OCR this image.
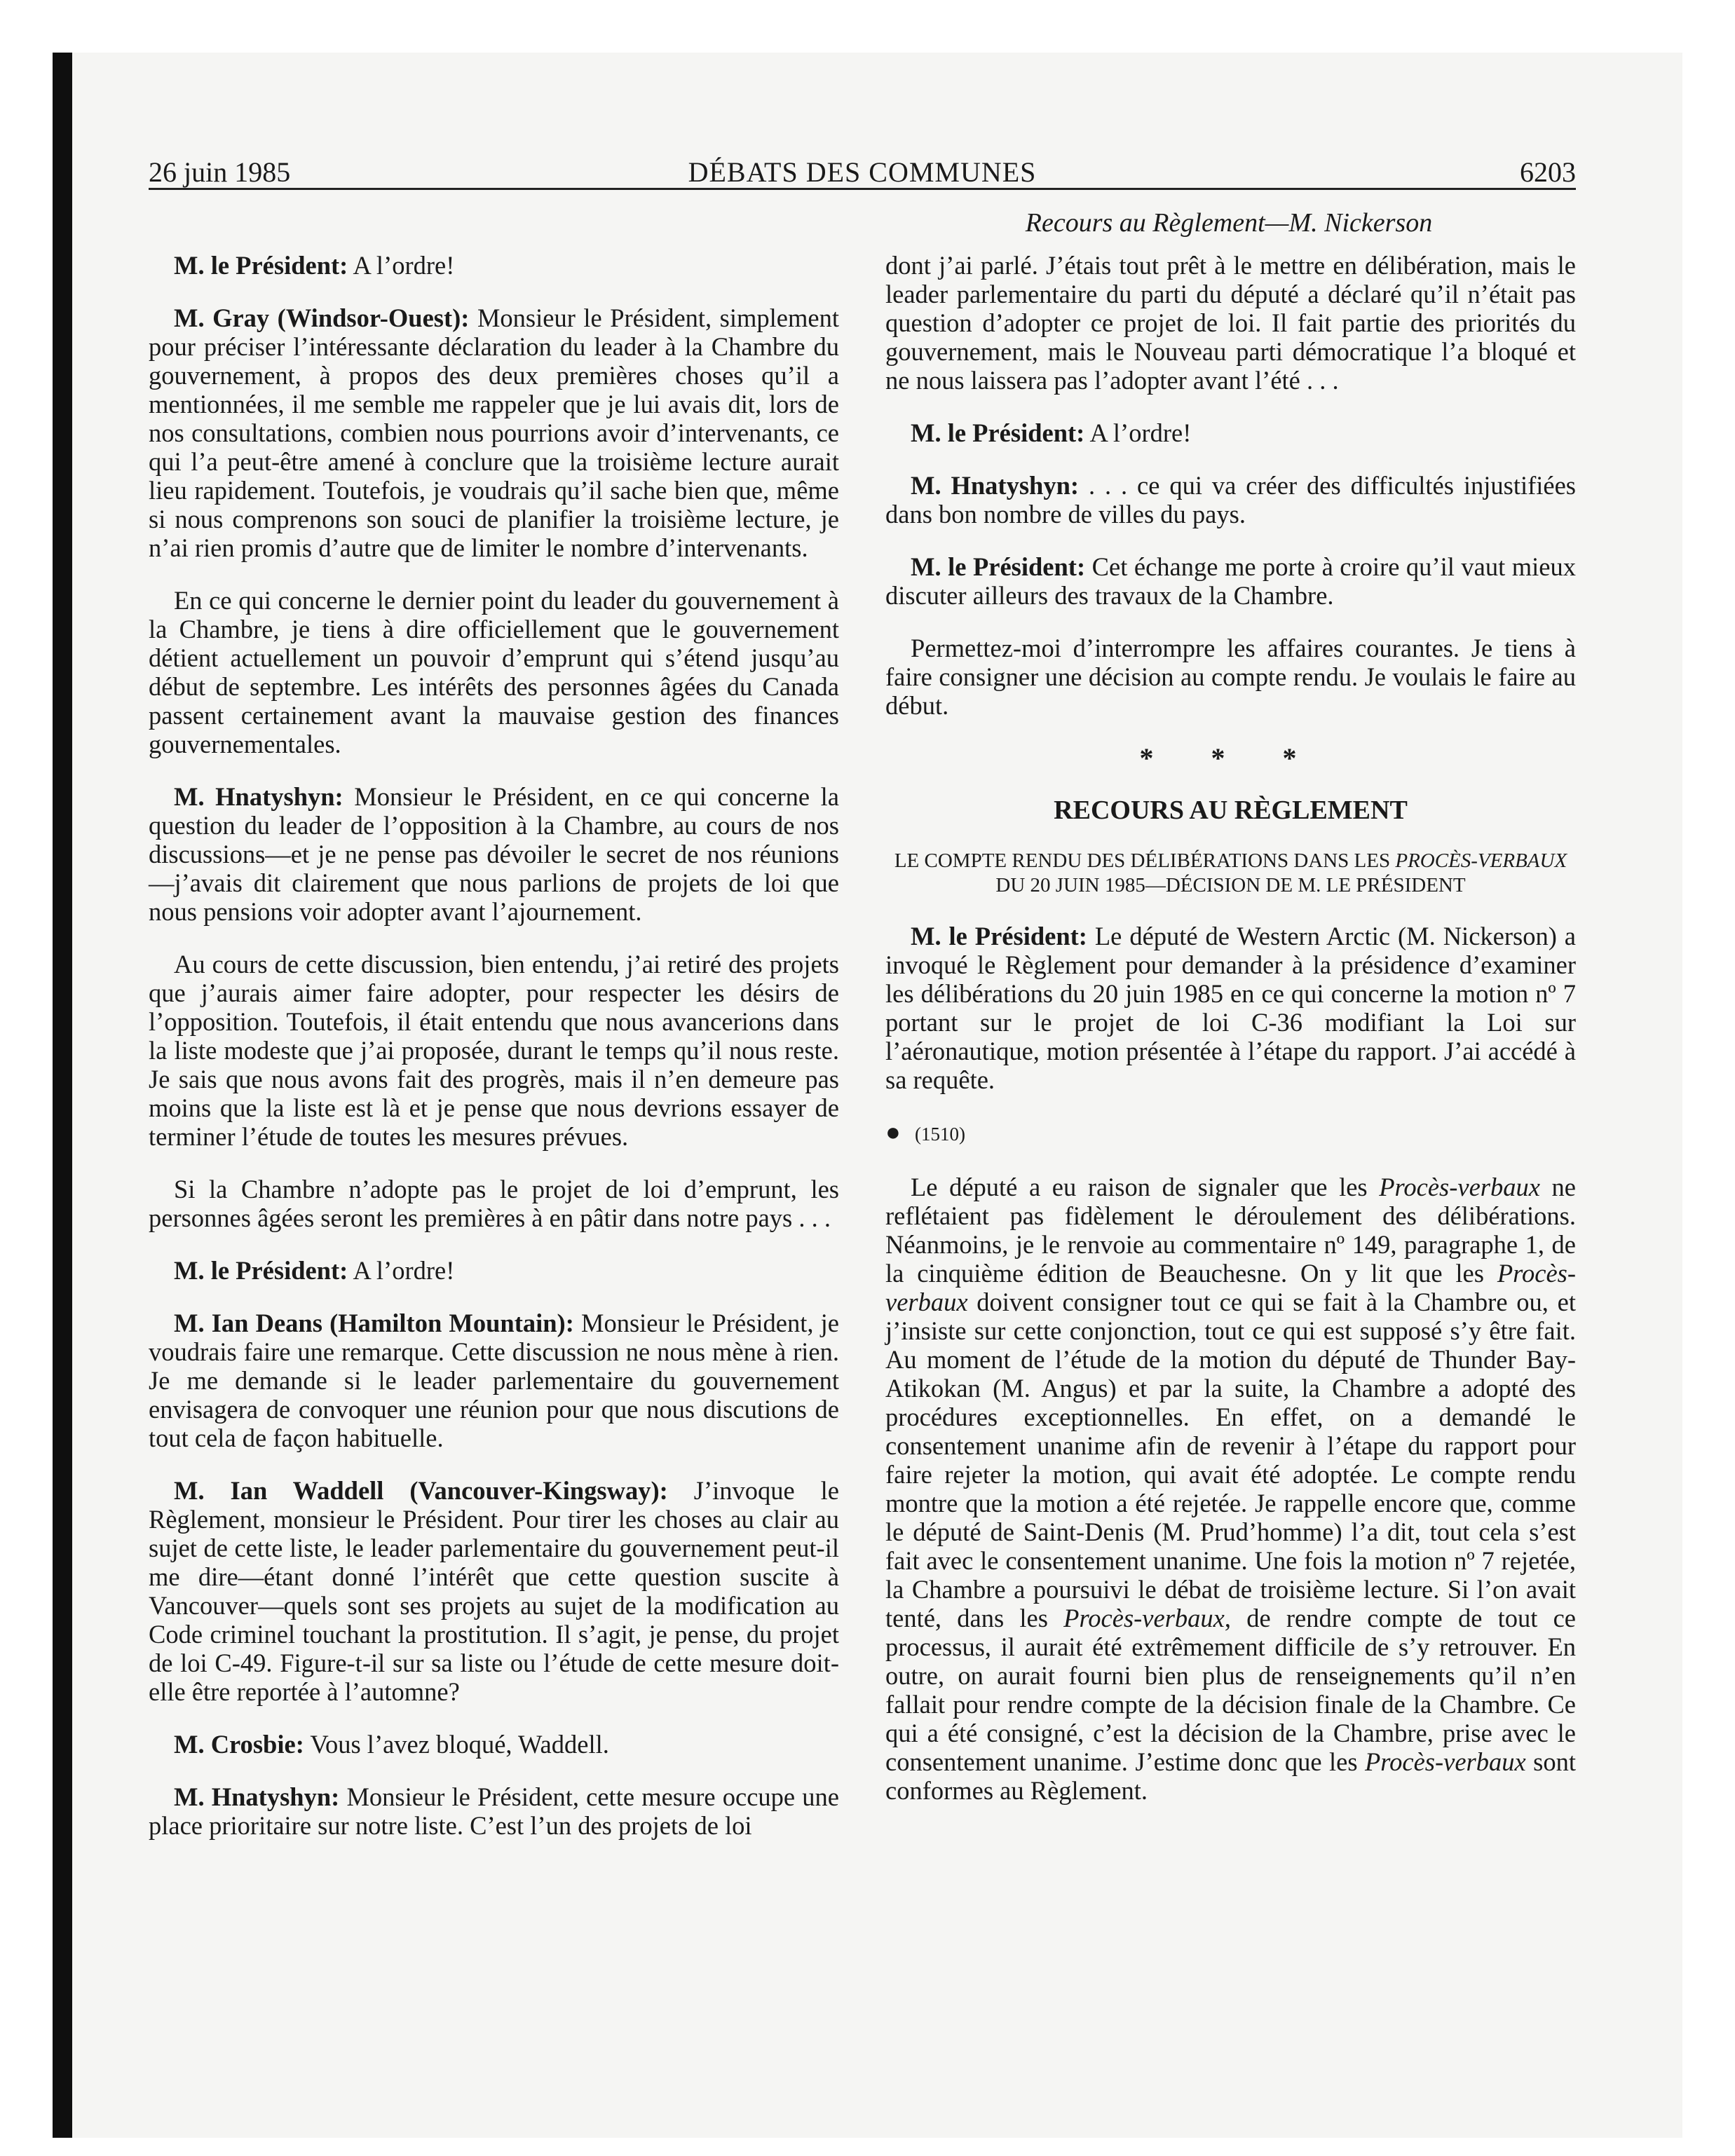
26 juin 1985	DÉBATS DES COMMUNES	6203
Recours au Règlement—M. Nickerson

M. le Président: A l’ordre!

M. Gray (Windsor-Ouest): Monsieur le Président, simplement pour préciser l’intéressante déclaration du leader à la Chambre du gouvernement, à propos des deux premières choses qu’il a mentionnées, il me semble me rappeler que je lui avais dit, lors de nos consultations, combien nous pourrions avoir d’intervenants, ce qui l’a peut-être amené à conclure que la troisième lecture aurait lieu rapidement. Toutefois, je voudrais qu’il sache bien que, même si nous comprenons son souci de planifier la troisième lecture, je n’ai rien promis d’autre que de limiter le nombre d’intervenants.

En ce qui concerne le dernier point du leader du gouvernement à la Chambre, je tiens à dire officiellement que le gouvernement détient actuellement un pouvoir d’emprunt qui s’étend jusqu’au début de septembre. Les intérêts des personnes âgées du Canada passent certainement avant la mauvaise gestion des finances gouvernementales.

M. Hnatyshyn: Monsieur le Président, en ce qui concerne la question du leader de l’opposition à la Chambre, au cours de nos discussions—et je ne pense pas dévoiler le secret de nos réunions—j’avais dit clairement que nous parlions de projets de loi que nous pensions voir adopter avant l’ajournement.

Au cours de cette discussion, bien entendu, j’ai retiré des projets que j’aurais aimer faire adopter, pour respecter les désirs de l’opposition. Toutefois, il était entendu que nous avancerions dans la liste modeste que j’ai proposée, durant le temps qu’il nous reste. Je sais que nous avons fait des progrès, mais il n’en demeure pas moins que la liste est là et je pense que nous devrions essayer de terminer l’étude de toutes les mesures prévues.

Si la Chambre n’adopte pas le projet de loi d’emprunt, les personnes âgées seront les premières à en pâtir dans notre pays . . .

M. le Président: A l’ordre!

M. Ian Deans (Hamilton Mountain): Monsieur le Président, je voudrais faire une remarque. Cette discussion ne nous mène à rien. Je me demande si le leader parlementaire du gouvernement envisagera de convoquer une réunion pour que nous discutions de tout cela de façon habituelle.

M. Ian Waddell (Vancouver-Kingsway): J’invoque le Règlement, monsieur le Président. Pour tirer les choses au clair au sujet de cette liste, le leader parlementaire du gouvernement peut-il me dire—étant donné l’intérêt que cette question suscite à Vancouver—quels sont ses projets au sujet de la modification au Code criminel touchant la prostitution. Il s’agit, je pense, du projet de loi C-49. Figure-t-il sur sa liste ou l’étude de cette mesure doit-elle être reportée à l’automne?

M. Crosbie: Vous l’avez bloqué, Waddell.

M. Hnatyshyn: Monsieur le Président, cette mesure occupe une place prioritaire sur notre liste. C’est l’un des projets de loi

dont j’ai parlé. J’étais tout prêt à le mettre en délibération, mais le leader parlementaire du parti du député a déclaré qu’il n’était pas question d’adopter ce projet de loi. Il fait partie des priorités du gouvernement, mais le Nouveau parti démocratique l’a bloqué et ne nous laissera pas l’adopter avant l’été . . .

M. le Président: A l’ordre!

M. Hnatyshyn: . . . ce qui va créer des difficultés injustifiées dans bon nombre de villes du pays.

M. le Président: Cet échange me porte à croire qu’il vaut mieux discuter ailleurs des travaux de la Chambre.

Permettez-moi d’interrompre les affaires courantes. Je tiens à faire consigner une décision au compte rendu. Je voulais le faire au début.

* * *

RECOURS AU RÈGLEMENT

LE COMPTE RENDU DES DÉLIBÉRATIONS DANS LES PROCÈS-VERBAUX DU 20 JUIN 1985—DÉCISION DE M. LE PRÉSIDENT

M. le Président: Le député de Western Arctic (M. Nickerson) a invoqué le Règlement pour demander à la présidence d’examiner les délibérations du 20 juin 1985 en ce qui concerne la motion nº 7 portant sur le projet de loi C-36 modifiant la Loi sur l’aéronautique, motion présentée à l’étape du rapport. J’ai accédé à sa requête.

● (1510)

Le député a eu raison de signaler que les Procès-verbaux ne reflétaient pas fidèlement le déroulement des délibérations. Néanmoins, je le renvoie au commentaire nº 149, paragraphe 1, de la cinquième édition de Beauchesne. On y lit que les Procès-verbaux doivent consigner tout ce qui se fait à la Chambre ou, et j’insiste sur cette conjonction, tout ce qui est supposé s’y être fait. Au moment de l’étude de la motion du député de Thunder Bay-Atikokan (M. Angus) et par la suite, la Chambre a adopté des procédures exceptionnelles. En effet, on a demandé le consentement unanime afin de revenir à l’étape du rapport pour faire rejeter la motion, qui avait été adoptée. Le compte rendu montre que la motion a été rejetée. Je rappelle encore que, comme le député de Saint-Denis (M. Prud’homme) l’a dit, tout cela s’est fait avec le consentement unanime. Une fois la motion nº 7 rejetée, la Chambre a poursuivi le débat de troisième lecture. Si l’on avait tenté, dans les Procès-verbaux, de rendre compte de tout ce processus, il aurait été extrêmement difficile de s’y retrouver. En outre, on aurait fourni bien plus de renseignements qu’il n’en fallait pour rendre compte de la décision finale de la Chambre. Ce qui a été consigné, c’est la décision de la Chambre, prise avec le consentement unanime. J’estime donc que les Procès-verbaux sont conformes au Règlement.
